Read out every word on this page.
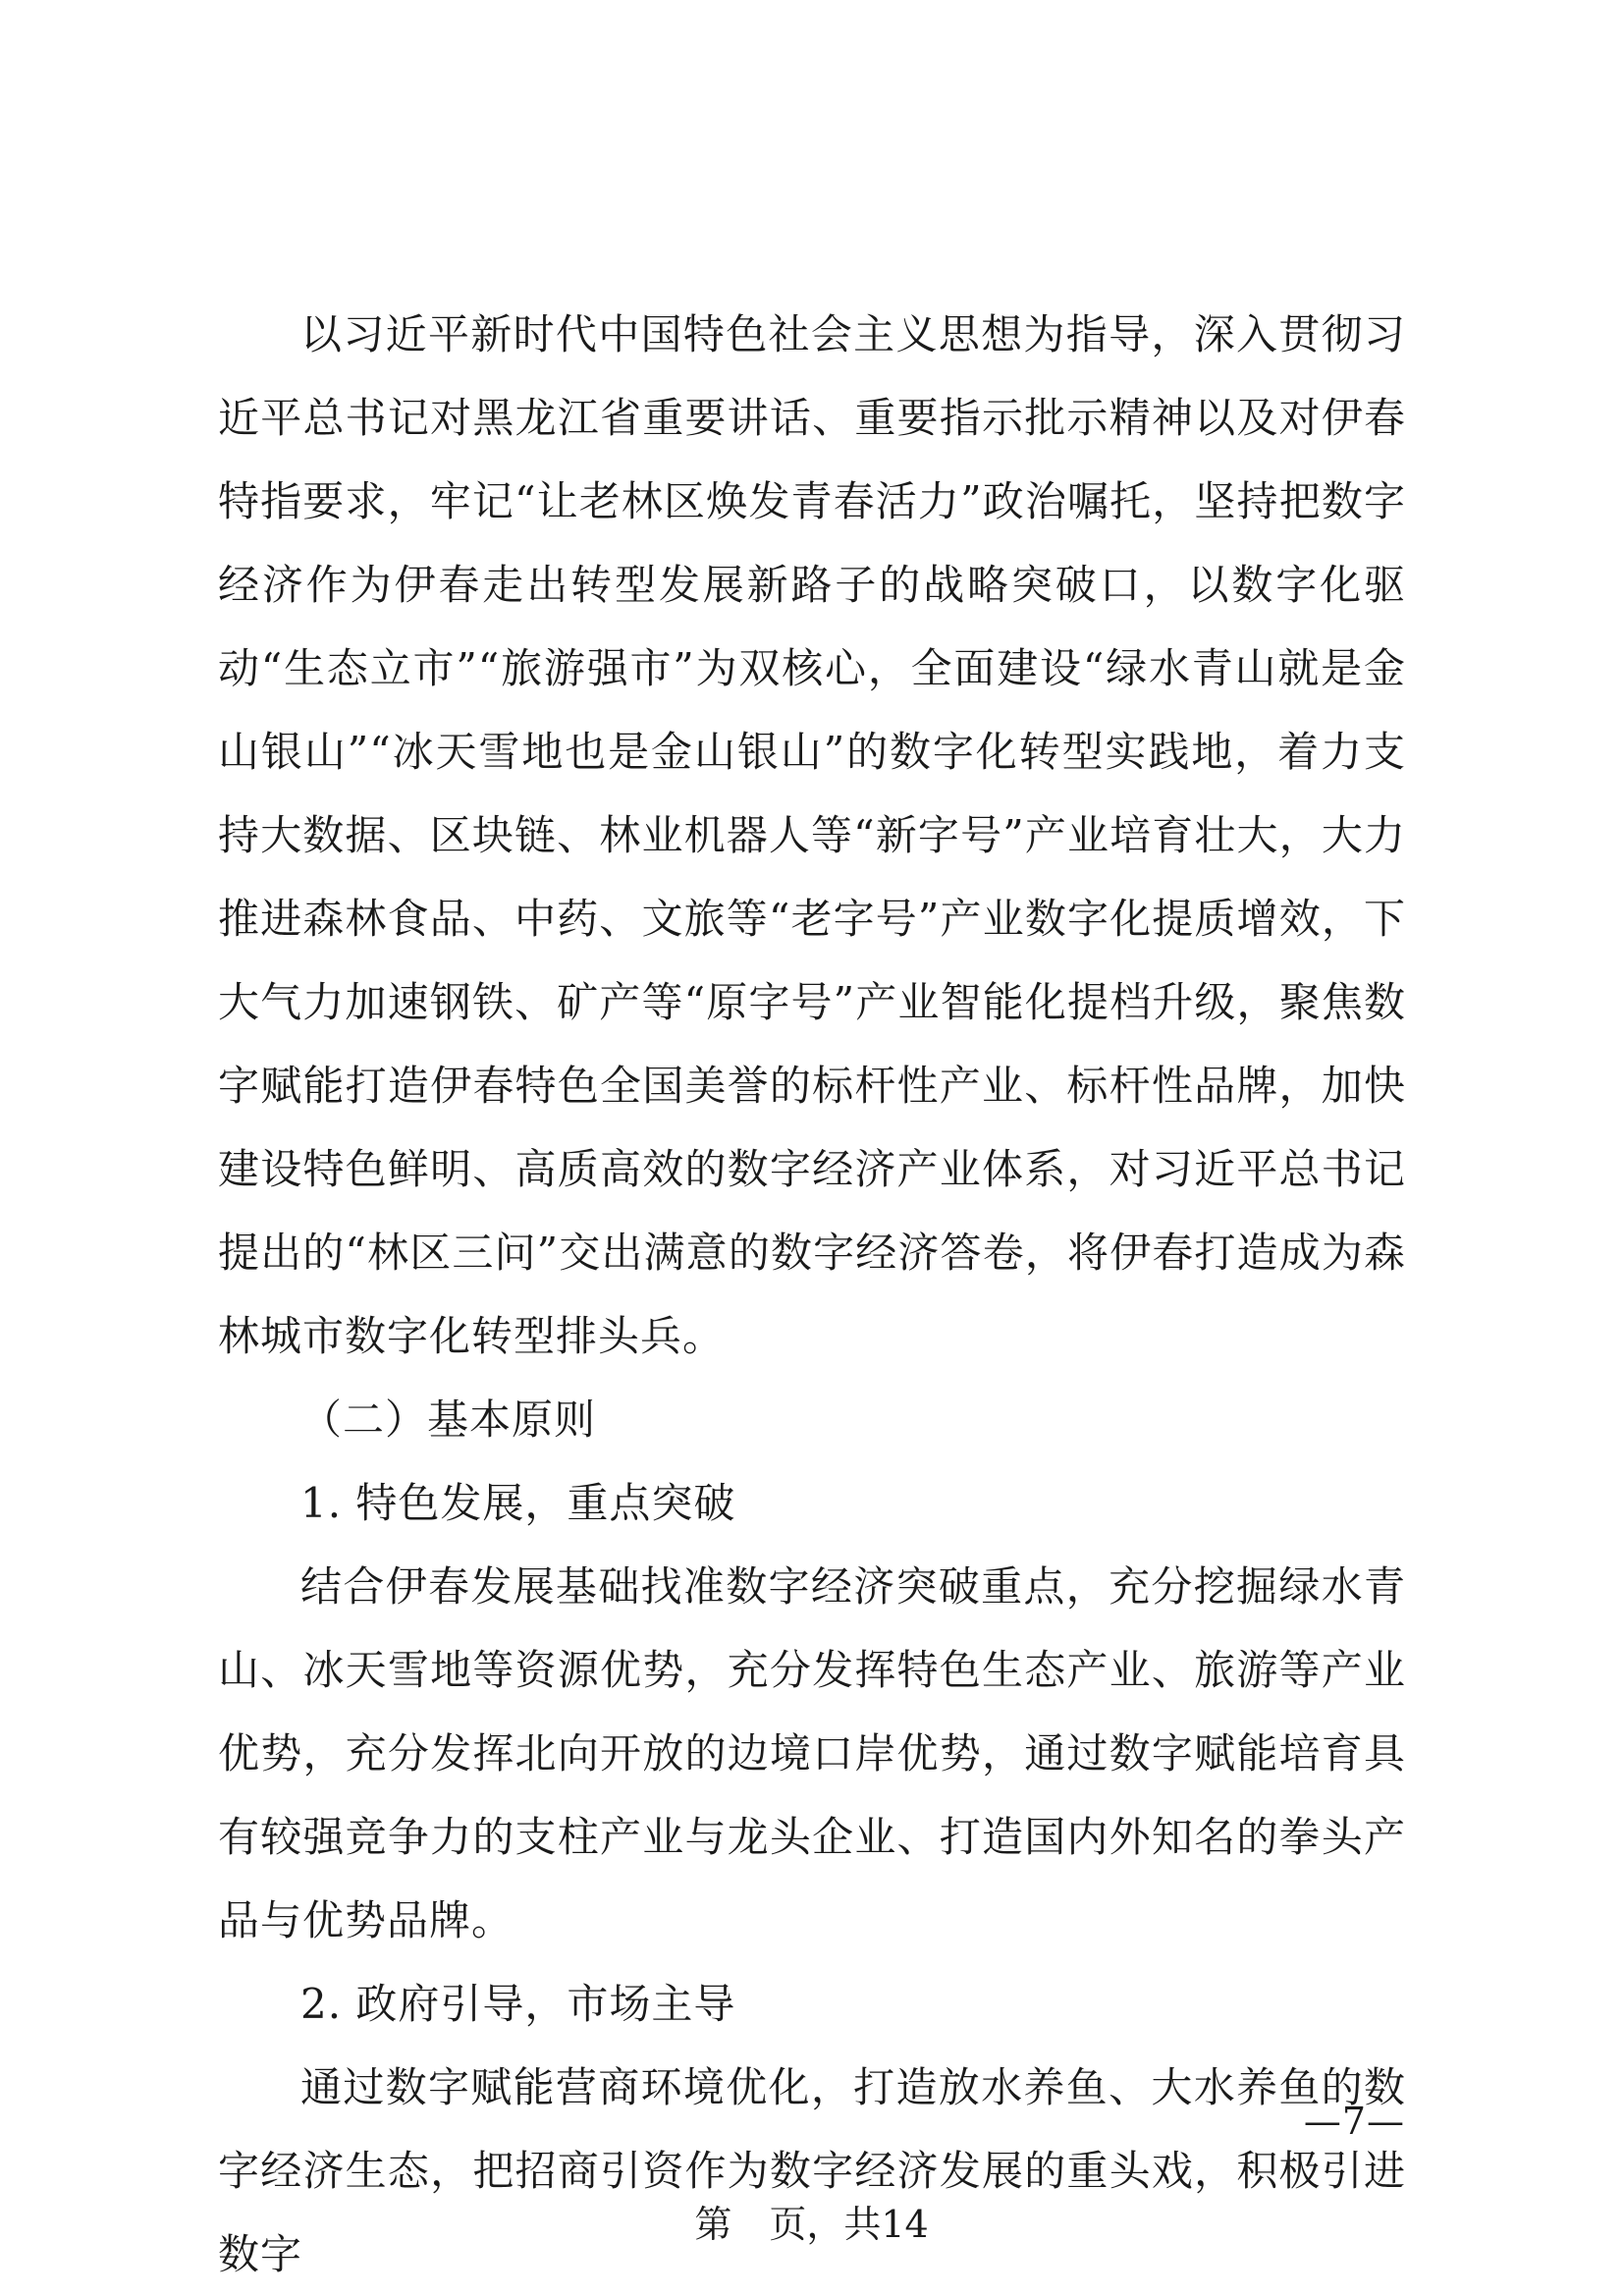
以习近平新时代中国特色社会主义思想为指导，深入贯彻习近平总书记对黑龙江省重要讲话、重要指示批示精神以及对伊春特指要求，牢记“让老林区焕发青春活力”政治嘱托，坚持把数字经济作为伊春走出转型发展新路子的战略突破口，以数字化驱动“生态立市”“旅游强市”为双核心，全面建设“绿水青山就是金山银山”“冰天雪地也是金山银山”的数字化转型实践地，着力支持大数据、区块链、林业机器人等“新字号”产业培育壮大，大力推进森林食品、中药、文旅等“老字号”产业数字化提质增效，下大气力加速钢铁、矿产等“原字号”产业智能化提档升级，聚焦数字赋能打造伊春特色全国美誉的标杆性产业、标杆性品牌，加快建设特色鲜明、高质高效的数字经济产业体系，对习近平总书记提出的“林区三问”交出满意的数字经济答卷，将伊春打造成为森林城市数字化转型排头兵。

（二）基本原则

1. 特色发展，重点突破

结合伊春发展基础找准数字经济突破重点，充分挖掘绿水青山、冰天雪地等资源优势，充分发挥特色生态产业、旅游等产业优势，充分发挥北向开放的边境口岸优势，通过数字赋能培育具有较强竞争力的支柱产业与龙头企业、打造国内外知名的拳头产品与优势品牌。

2. 政府引导，市场主导

通过数字赋能营商环境优化，打造放水养鱼、大水养鱼的数字经济生态，把招商引资作为数字经济发展的重头戏，积极引进数字

—7—
第　页，共14
